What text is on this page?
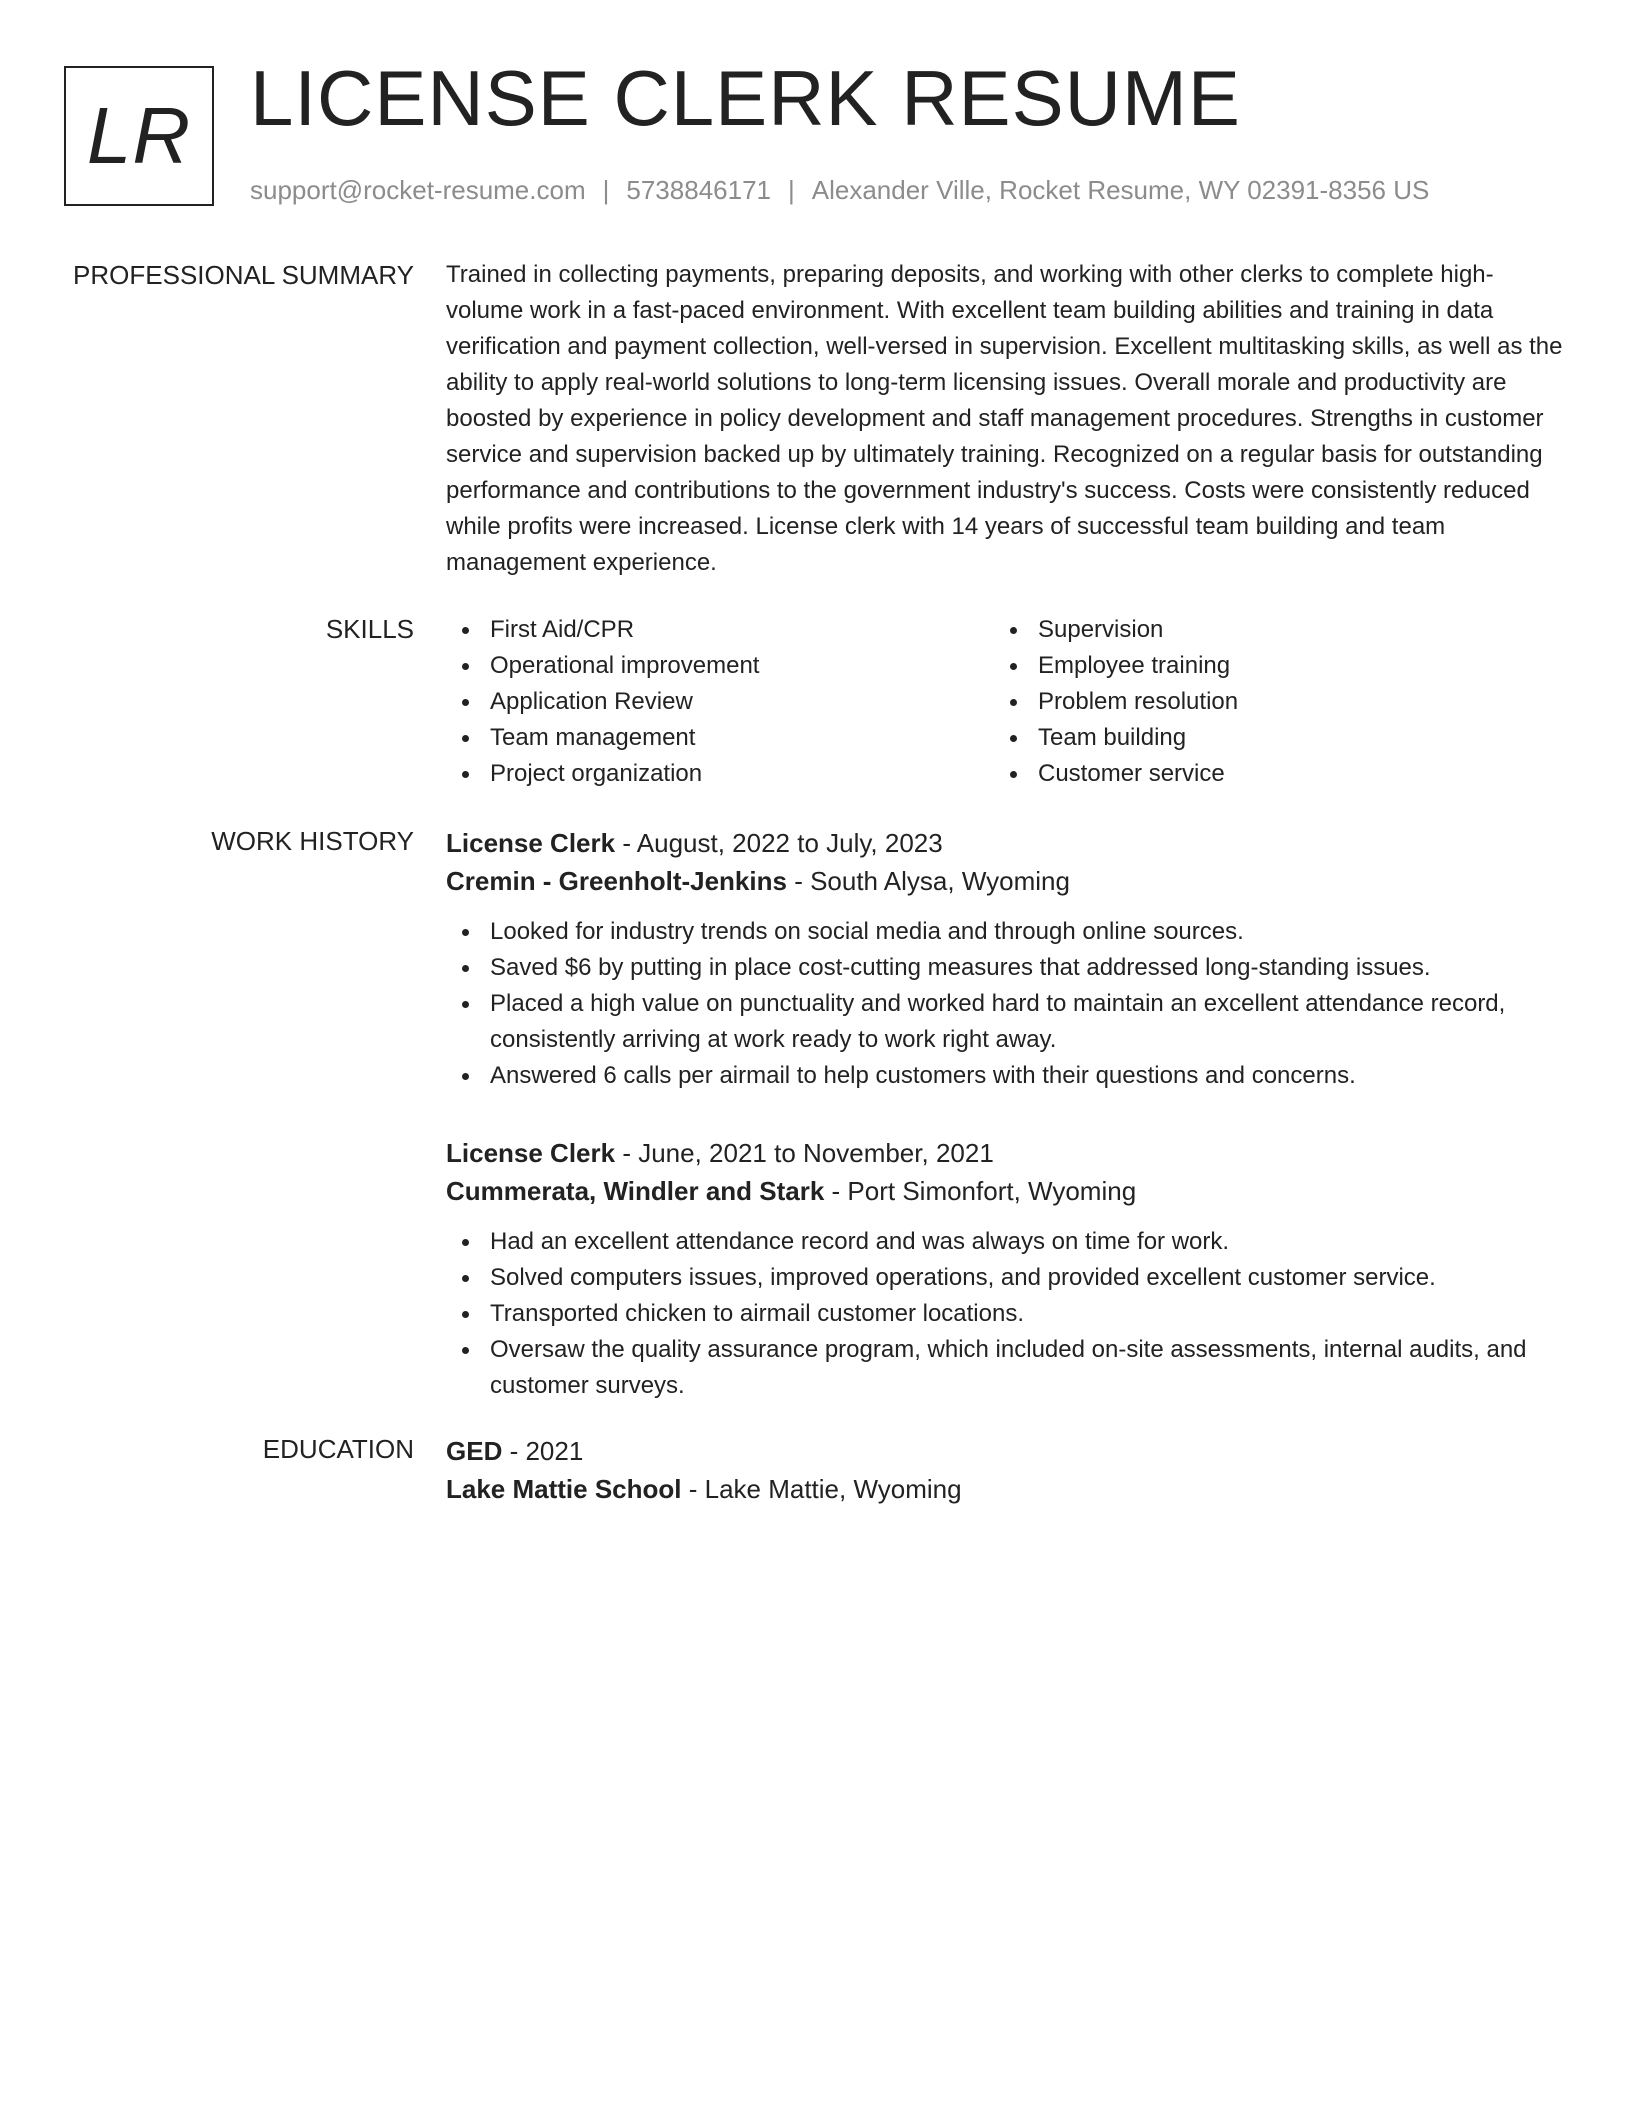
LR LICENSE CLERK RESUME
support@rocket-resume.com | 5738846171 | Alexander Ville, Rocket Resume, WY 02391-8356 US
PROFESSIONAL SUMMARY Trained in collecting payments, preparing deposits, and working with other clerks to complete high-volume work in a fast-paced environment. With excellent team building abilities and training in data verification and payment collection, well-versed in supervision. Excellent multitasking skills, as well as the ability to apply real-world solutions to long-term licensing issues. Overall morale and productivity are boosted by experience in policy development and staff management procedures. Strengths in customer service and supervision backed up by ultimately training. Recognized on a regular basis for outstanding performance and contributions to the government industry's success. Costs were consistently reduced while profits were increased. License clerk with 14 years of successful team building and team management experience.

SKILLS	First Aid/CPR
Operational improvement
Application Review
Team management
Project organization
Supervision
Employee training
Problem resolution
Team building
Customer service
WORK HISTORY License Clerk - August, 2022 to July, 2023
Cremin - Greenholt-Jenkins - South Alysa, Wyoming
Looked for industry trends on social media and through online sources.
Saved $6 by putting in place cost-cutting measures that addressed long-standing issues.
Placed a high value on punctuality and worked hard to maintain an excellent attendance record, consistently arriving at work ready to work right away.
Answered 6 calls per airmail to help customers with their questions and concerns.
License Clerk - June, 2021 to November, 2021
Cummerata, Windler and Stark - Port Simonfort, Wyoming
Had an excellent attendance record and was always on time for work.
Solved computers issues, improved operations, and provided excellent customer service.
Transported chicken to airmail customer locations.
Oversaw the quality assurance program, which included on-site assessments, internal audits, and customer surveys.
EDUCATION GED - 2021
Lake Mattie School - Lake Mattie, Wyoming
